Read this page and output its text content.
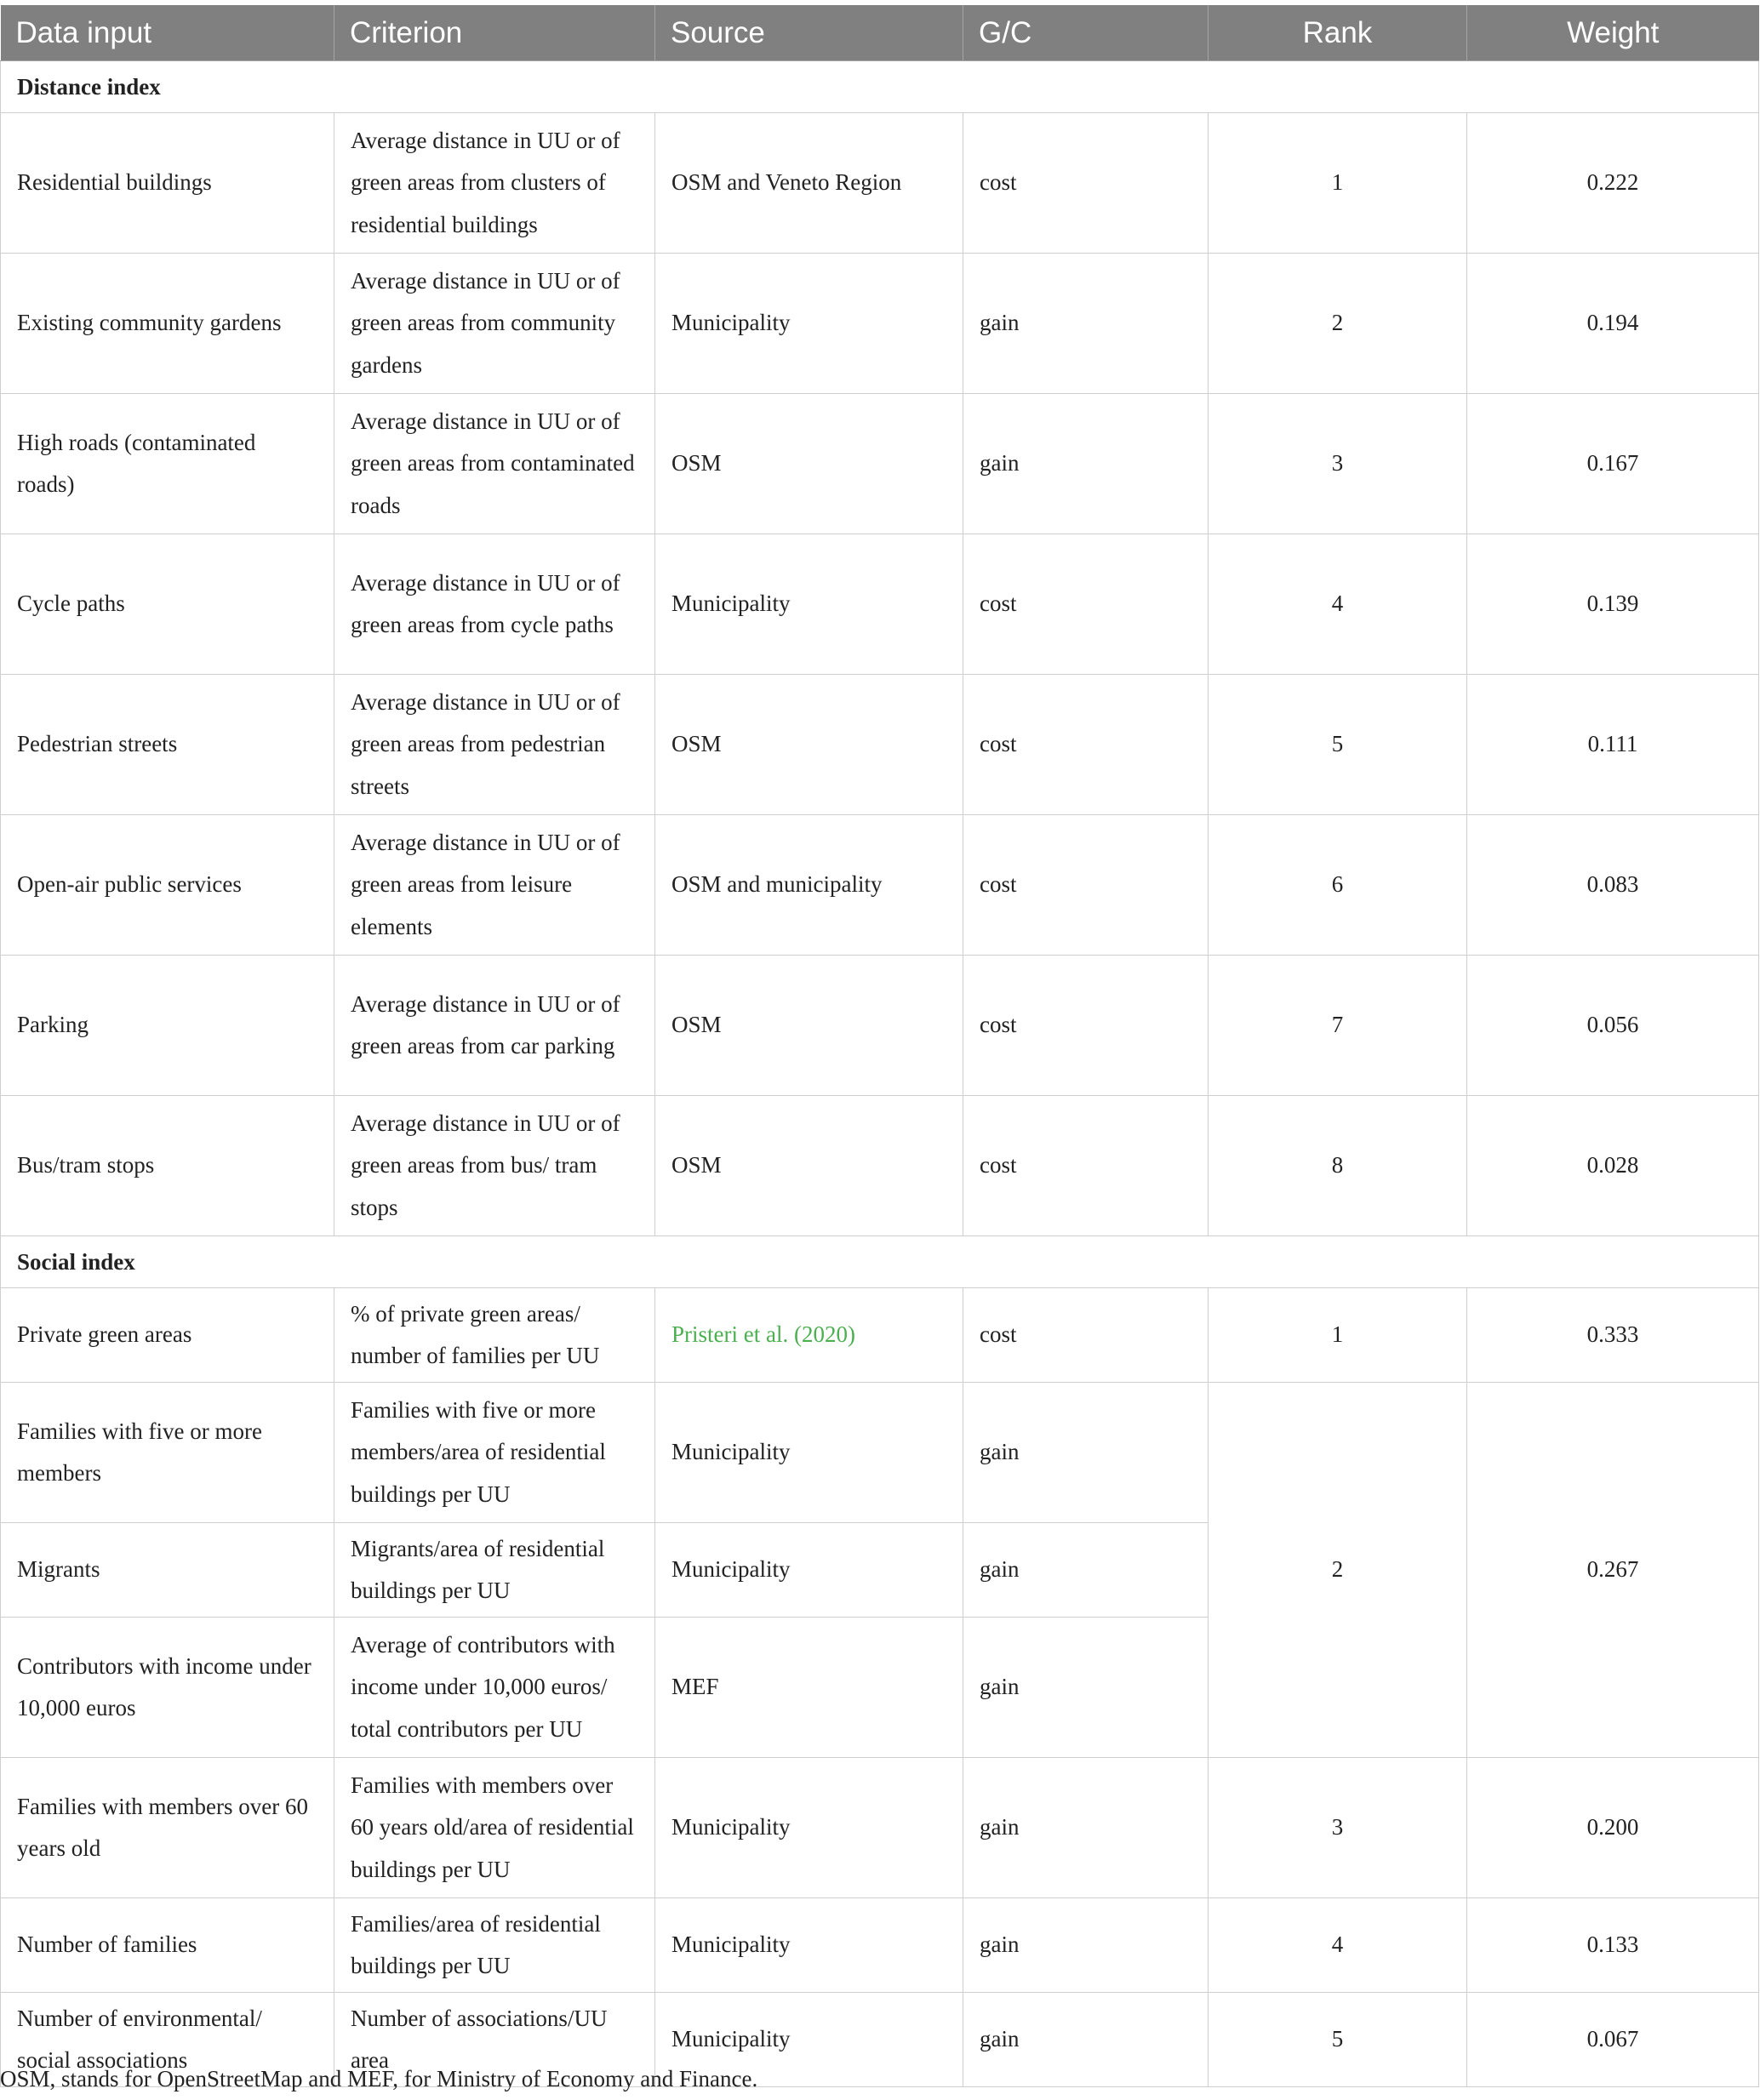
Data input	Criterion	Source	G/C	Rank	Weight
Distance index					
Residential buildings	Average distance in UU or of green areas from clusters of residential buildings	OSM and Veneto Region	cost	1	0.222
Existing community gardens	Average distance in UU or of green areas from community gardens	Municipality	gain	2	0.194
High roads (contaminated roads)	Average distance in UU or of green areas from contaminated roads	OSM	gain	3	0.167
Cycle paths	Average distance in UU or of green areas from cycle paths	Municipality	cost	4	0.139
Pedestrian streets	Average distance in UU or of green areas from pedestrian streets	OSM	cost	5	0.111
Open-air public services	Average distance in UU or of green areas from leisure elements	OSM and municipality	cost	6	0.083
Parking	Average distance in UU or of green areas from car parking	OSM	cost	7	0.056
Bus/tram stops	Average distance in UU or of green areas from bus/ tram stops	OSM	cost	8	0.028
Social index					
Private green areas	% of private green areas/ number of families per UU	Pristeri et al. (2020)	cost	1	0.333
Families with five or more members	Families with five or more members/area of residential buildings per UU	Municipality	gain	2	0.267
Migrants	Migrants/area of residential buildings per UU	Municipality	gain		
Contributors with income under 10,000 euros	Average of contributors with income under 10,000 euros/ total contributors per UU	MEF	gain		
Families with members over 60 years old	Families with members over 60 years old/area of residential buildings per UU	Municipality	gain	3	0.200
Number of families	Families/area of residential buildings per UU	Municipality	gain	4	0.133
Number of environmental/ social associations	Number of associations/UU area	Municipality	gain	5	0.067
OSM, stands for OpenStreetMap and MEF, for Ministry of Economy and Finance.
